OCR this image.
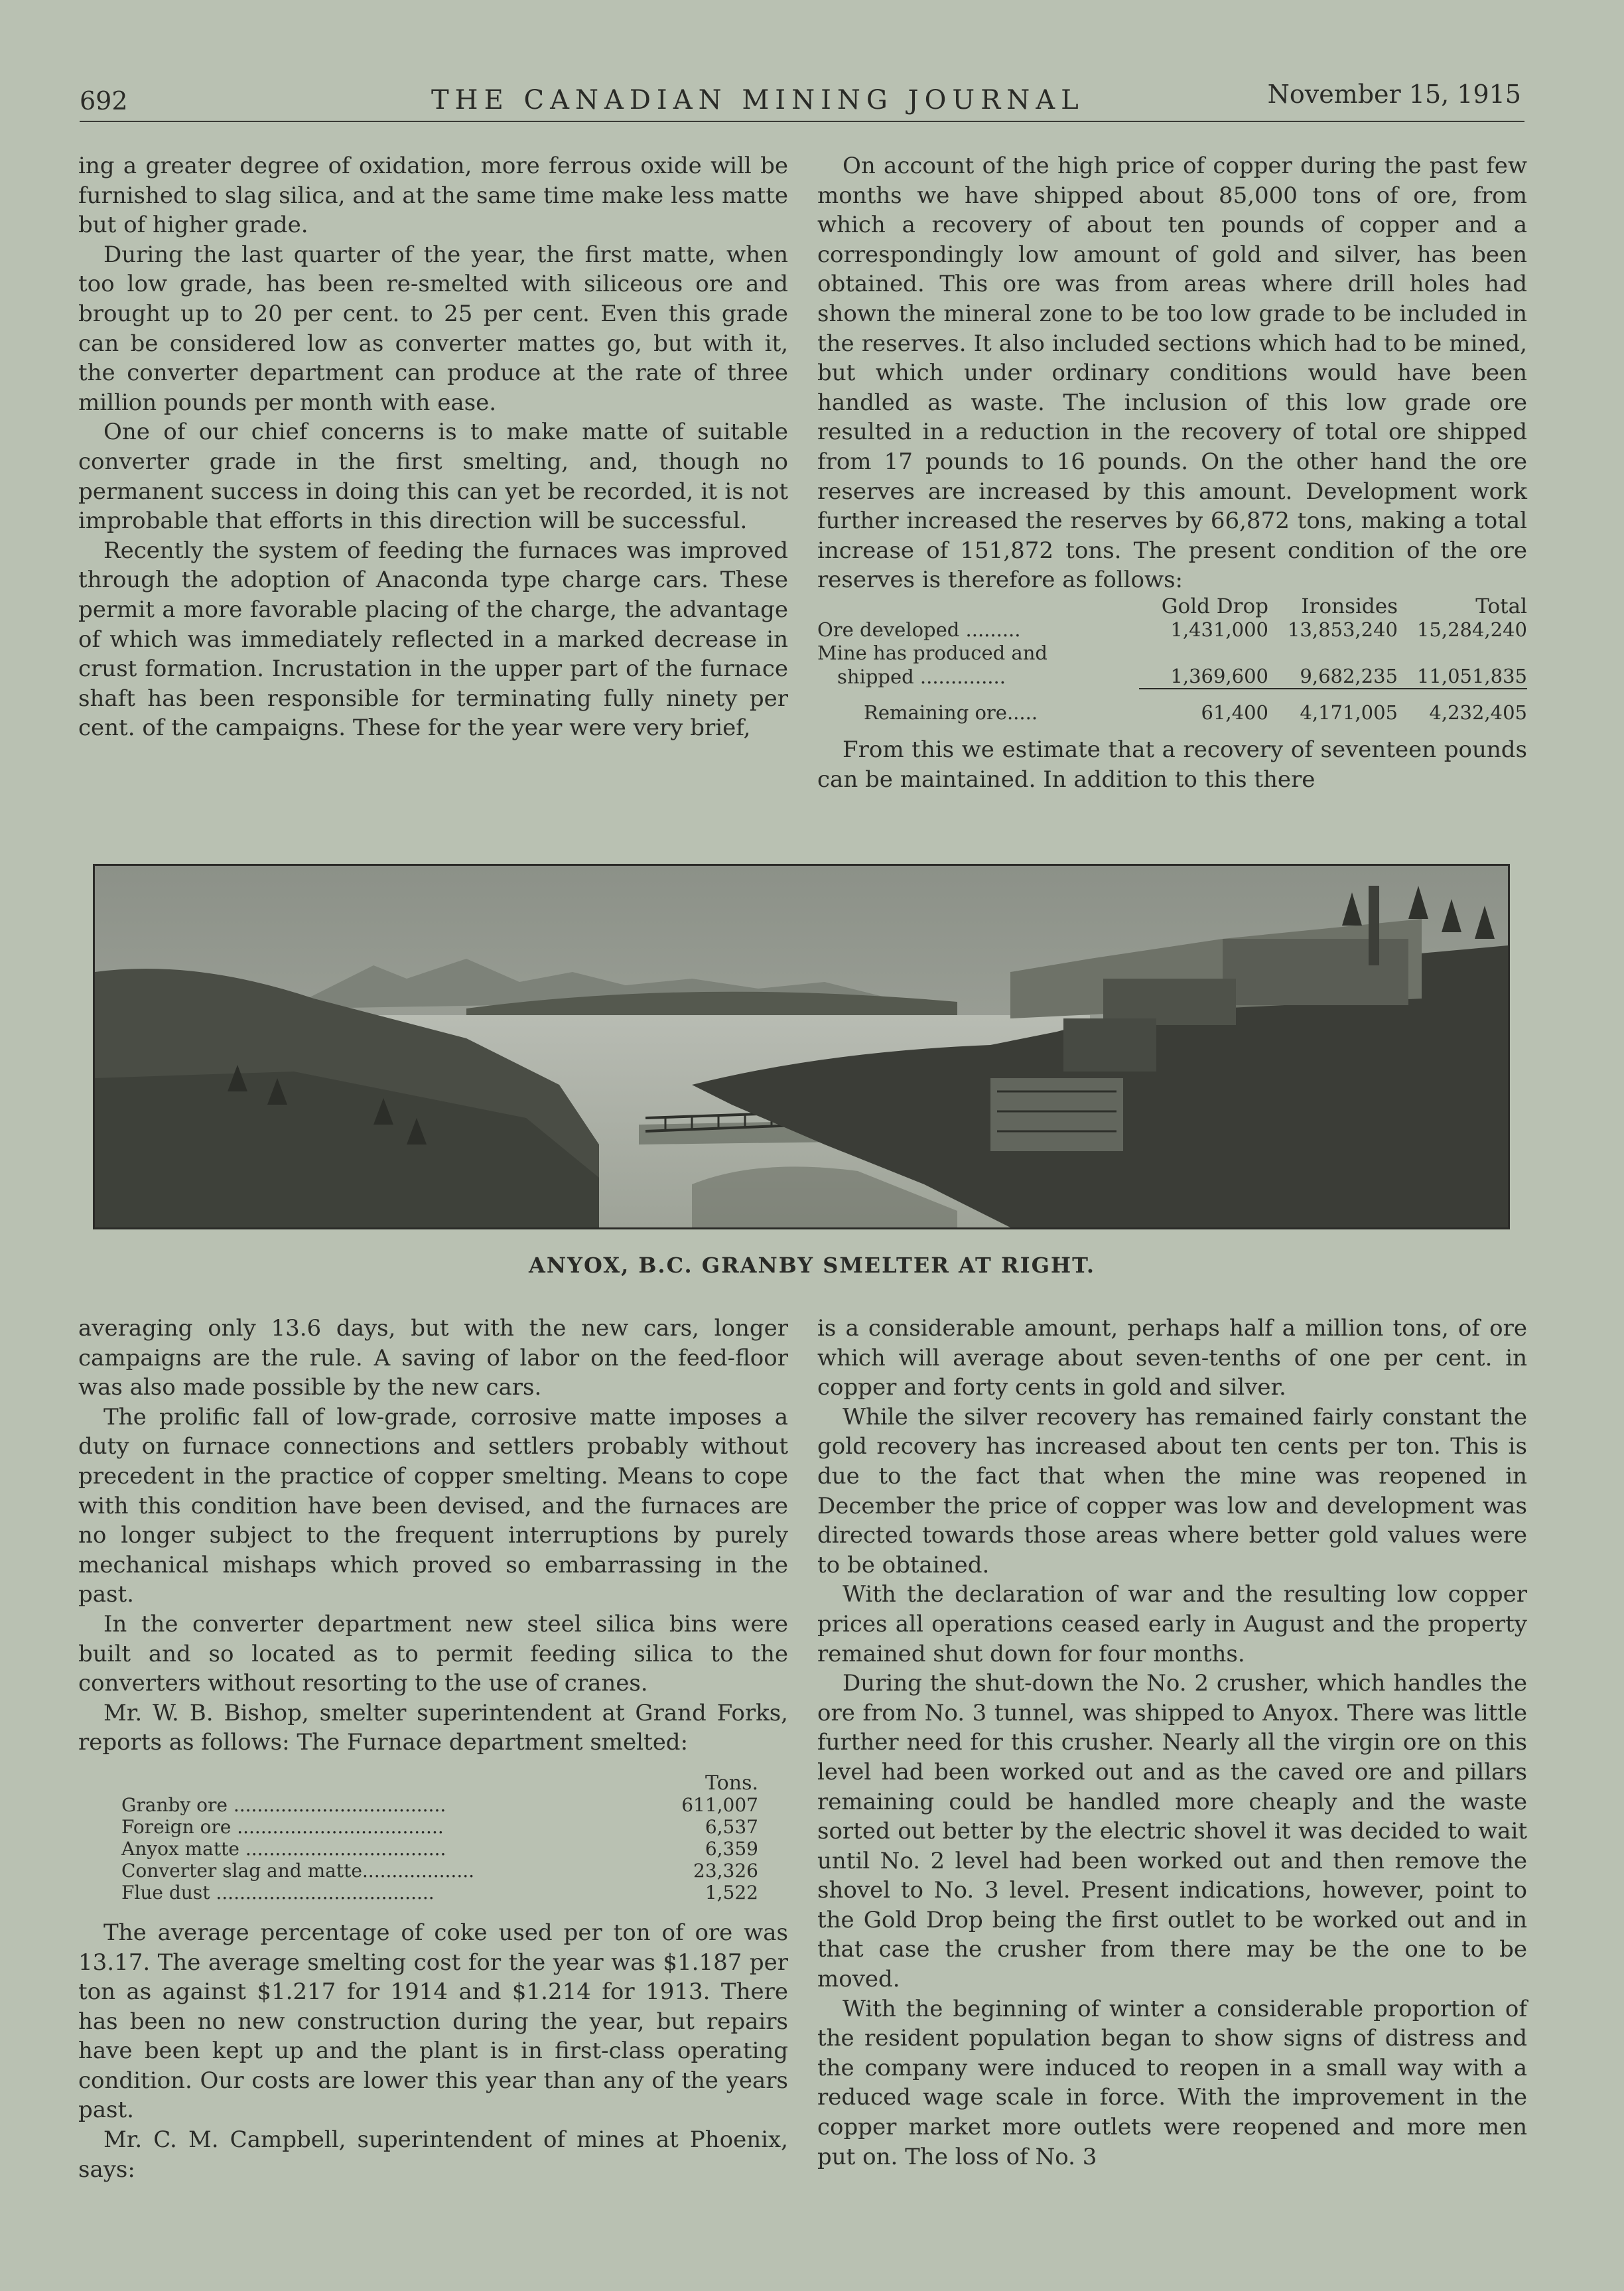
692	THE CANADIAN MINING JOURNAL	November 15, 1915

ing a greater degree of oxidation, more ferrous oxide will be furnished to slag silica, and at the same time make less matte but of higher grade.

During the last quarter of the year, the first matte, when too low grade, has been re-smelted with siliceous ore and brought up to 20 per cent. to 25 per cent. Even this grade can be considered low as converter mattes go, but with it, the converter department can produce at the rate of three million pounds per month with ease.

One of our chief concerns is to make matte of suitable converter grade in the first smelting, and, though no permanent success in doing this can yet be recorded, it is not improbable that efforts in this direction will be successful.

Recently the system of feeding the furnaces was improved through the adoption of Anaconda type charge cars. These permit a more favorable placing of the charge, the advantage of which was immediately reflected in a marked decrease in crust formation. Incrustation in the upper part of the furnace shaft has been responsible for terminating fully ninety per cent. of the campaigns. These for the year were very brief,

On account of the high price of copper during the past few months we have shipped about 85,000 tons of ore, from which a recovery of about ten pounds of copper and a correspondingly low amount of gold and silver, has been obtained. This ore was from areas where drill holes had shown the mineral zone to be too low grade to be included in the reserves. It also included sections which had to be mined, but which under ordinary conditions would have been handled as waste. The inclusion of this low grade ore resulted in a reduction in the recovery of total ore shipped from 17 pounds to 16 pounds. On the other hand the ore reserves are increased by this amount. Development work further increased the reserves by 66,872 tons, making a total increase of 151,872 tons. The present condition of the ore reserves is therefore as follows:

	Gold Drop	Ironsides	Total
Ore developed .........	1,431,000	13,853,240	15,284,240
Mine has produced and			
shipped ..............	1,369,600	9,682,235	11,051,835
Remaining ore.....	61,400	4,171,005	4,232,405

From this we estimate that a recovery of seventeen pounds can be maintained. In addition to this there

ANYOX, B.C. GRANBY SMELTER AT RIGHT.

averaging only 13.6 days, but with the new cars, longer campaigns are the rule. A saving of labor on the feed-floor was also made possible by the new cars.

The prolific fall of low-grade, corrosive matte imposes a duty on furnace connections and settlers probably without precedent in the practice of copper smelting. Means to cope with this condition have been devised, and the furnaces are no longer subject to the frequent interruptions by purely mechanical mishaps which proved so embarrassing in the past.

In the converter department new steel silica bins were built and so located as to permit feeding silica to the converters without resorting to the use of cranes.

Mr. W. B. Bishop, smelter superintendent at Grand Forks, reports as follows: The Furnace department smelted:

	Tons.
Granby ore ....................................	611,007
Foreign ore ...................................	6,537
Anyox matte ..................................	6,359
Converter slag and matte...................	23,326
Flue dust .....................................	1,522

The average percentage of coke used per ton of ore was 13.17. The average smelting cost for the year was $1.187 per ton as against $1.217 for 1914 and $1.214 for 1913. There has been no new construction during the year, but repairs have been kept up and the plant is in first-class operating condition. Our costs are lower this year than any of the years past.

Mr. C. M. Campbell, superintendent of mines at Phoenix, says:

is a considerable amount, perhaps half a million tons, of ore which will average about seven-tenths of one per cent. in copper and forty cents in gold and silver.

While the silver recovery has remained fairly constant the gold recovery has increased about ten cents per ton. This is due to the fact that when the mine was reopened in December the price of copper was low and development was directed towards those areas where better gold values were to be obtained.

With the declaration of war and the resulting low copper prices all operations ceased early in August and the property remained shut down for four months.

During the shut-down the No. 2 crusher, which handles the ore from No. 3 tunnel, was shipped to Anyox. There was little further need for this crusher. Nearly all the virgin ore on this level had been worked out and as the caved ore and pillars remaining could be handled more cheaply and the waste sorted out better by the electric shovel it was decided to wait until No. 2 level had been worked out and then remove the shovel to No. 3 level. Present indications, however, point to the Gold Drop being the first outlet to be worked out and in that case the crusher from there may be the one to be moved.

With the beginning of winter a considerable proportion of the resident population began to show signs of distress and the company were induced to reopen in a small way with a reduced wage scale in force. With the improvement in the copper market more outlets were reopened and more men put on. The loss of No. 3
